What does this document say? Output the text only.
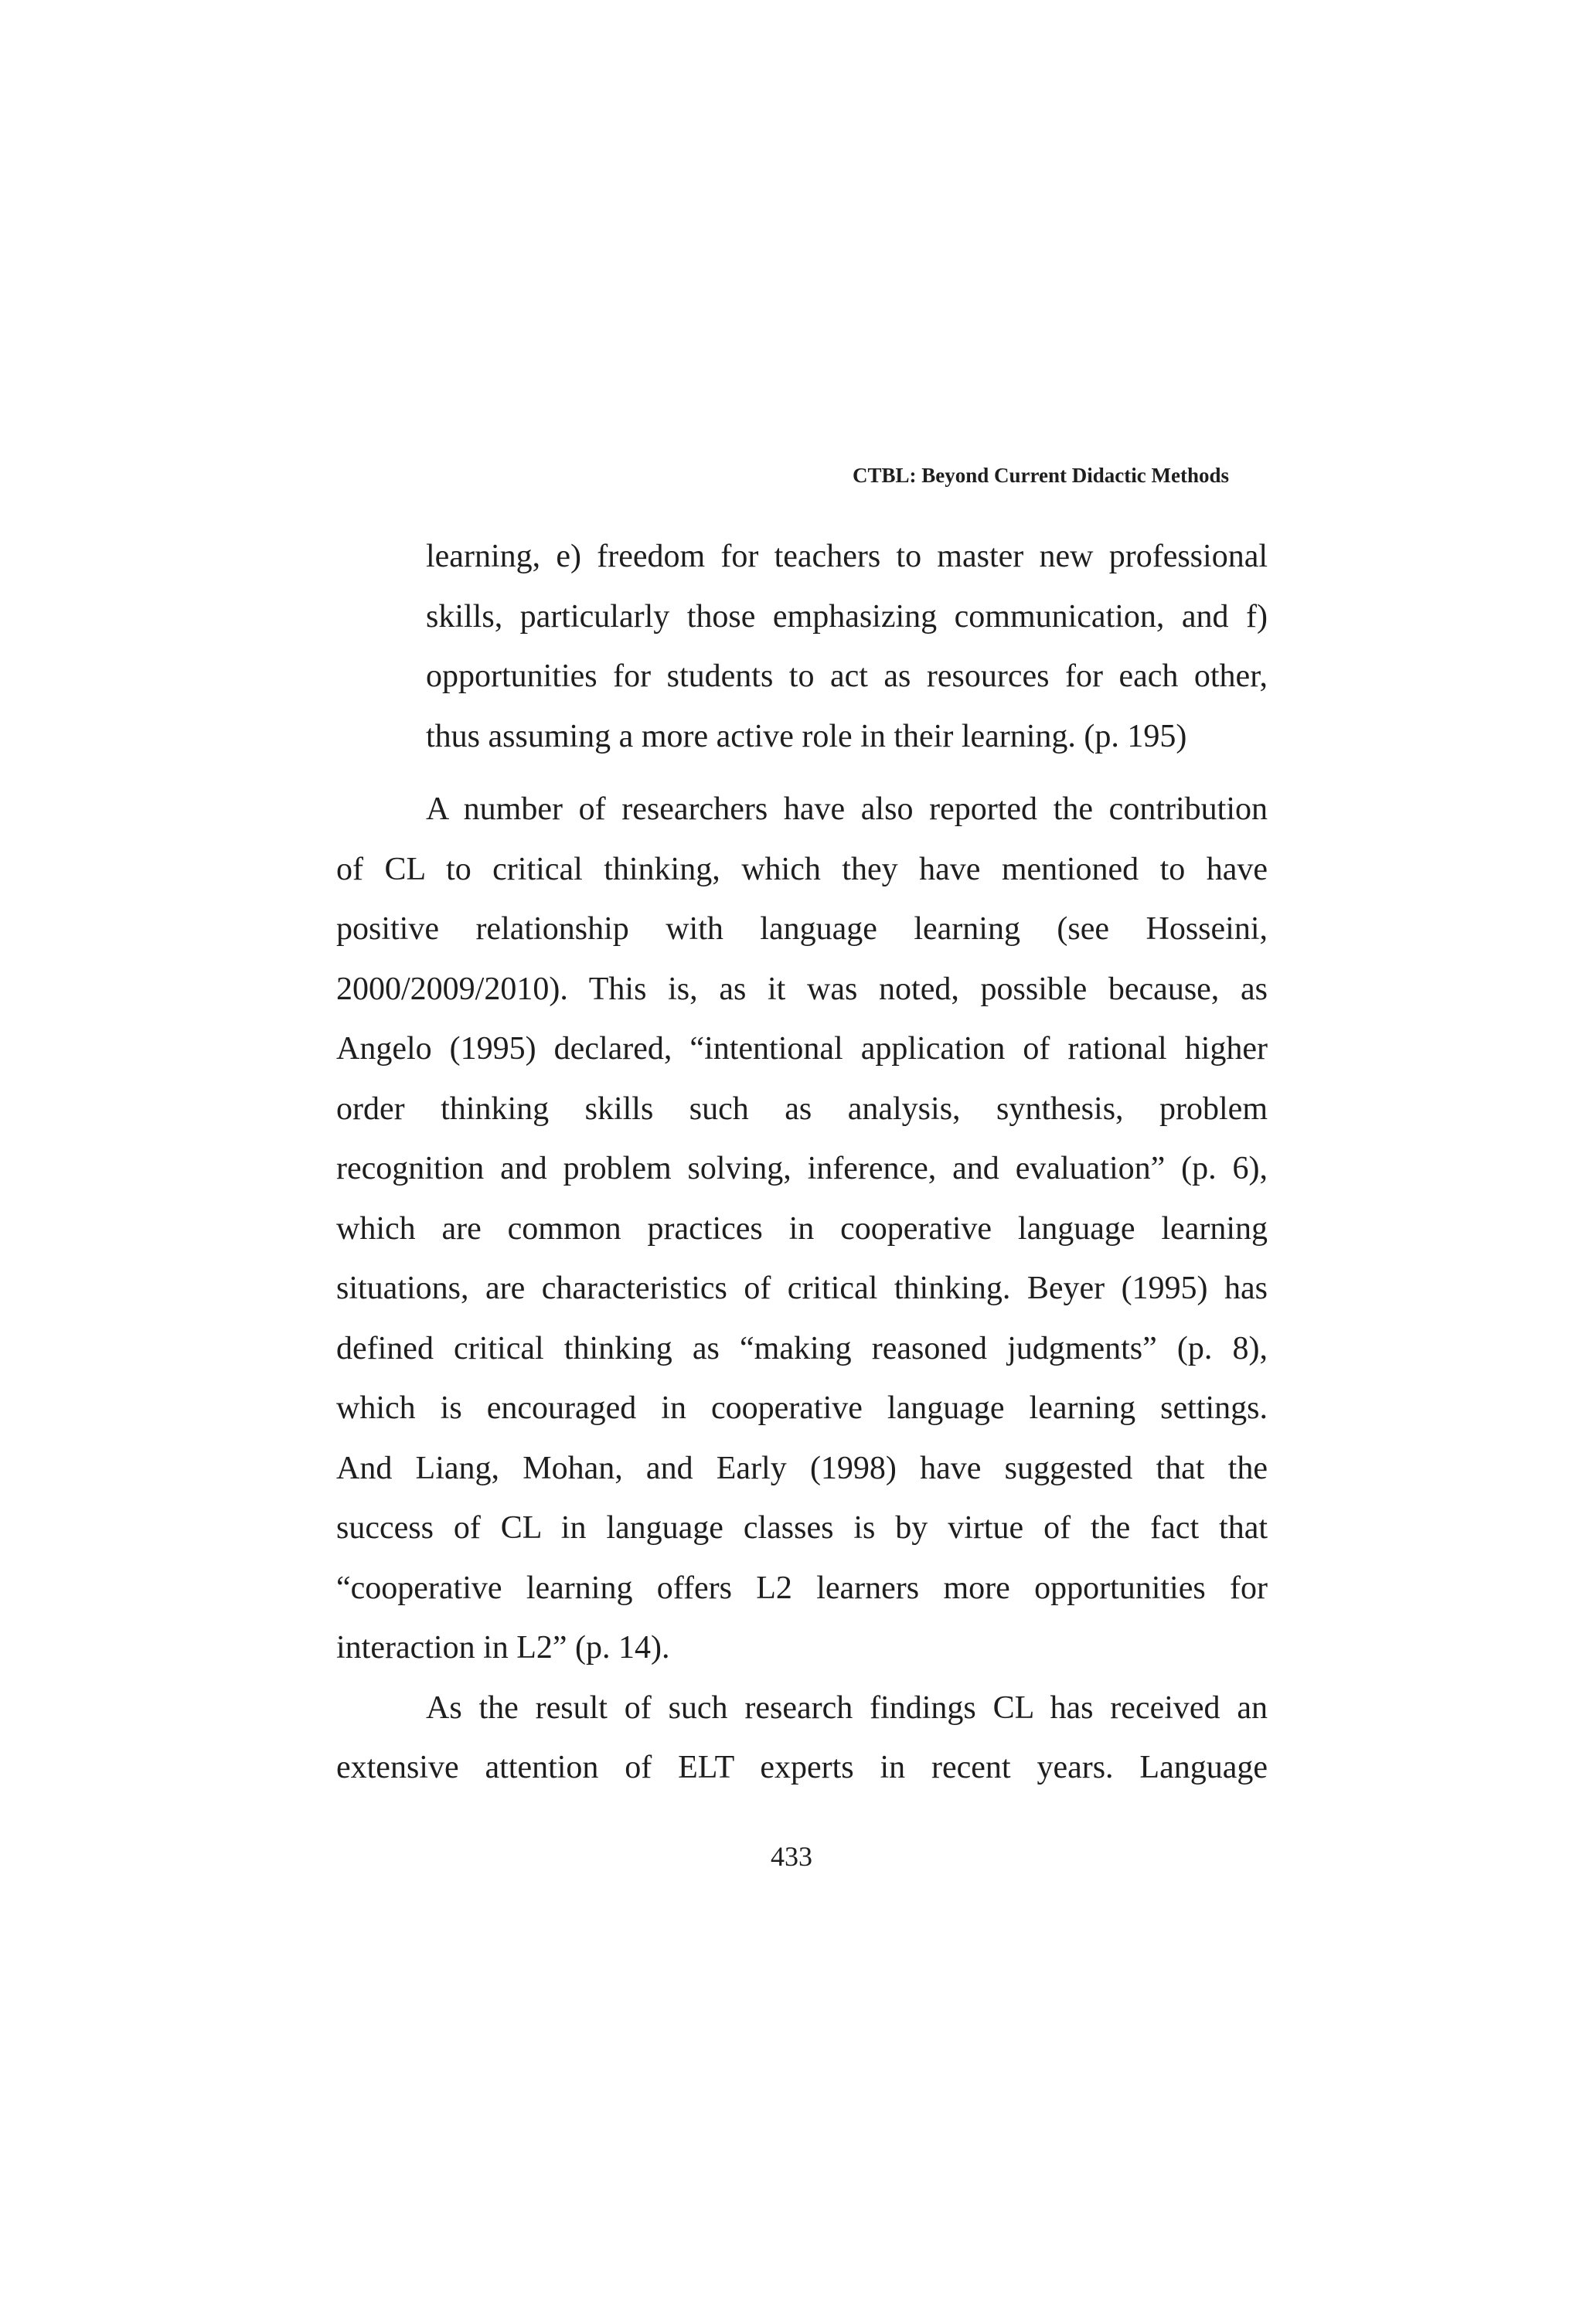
CTBL: Beyond Current Didactic Methods
learning, e) freedom for teachers to master new professional
skills, particularly those emphasizing communication, and f)
opportunities for students to act as resources for each other,
thus assuming a more active role in their learning. (p. 195)
A number of researchers have also reported the contribution
of CL to critical thinking, which they have mentioned to have
positive relationship with language learning (see Hosseini,
2000/2009/2010). This is, as it was noted, possible because, as
Angelo (1995) declared, “intentional application of rational higher
order thinking skills such as analysis, synthesis, problem
recognition and problem solving, inference, and evaluation” (p. 6),
which are common practices in cooperative language learning
situations, are characteristics of critical thinking. Beyer (1995) has
defined critical thinking as “making reasoned judgments” (p. 8),
which is encouraged in cooperative language learning settings.
And Liang, Mohan, and Early (1998) have suggested that the
success of CL in language classes is by virtue of the fact that
“cooperative learning offers L2 learners more opportunities for
interaction in L2” (p. 14).
As the result of such research findings CL has received an
extensive attention of ELT experts in recent years. Language
433
